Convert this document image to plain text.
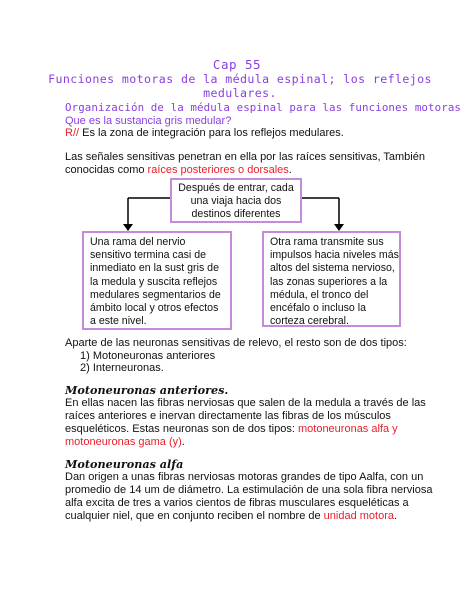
Cap 55
Funciones motoras de la médula espinal; los reflejos medulares.
Organización de la médula espinal para las funciones motoras
Que es la sustancia gris medular?
R// Es la zona de integración para los reflejos medulares.
Las señales sensitivas penetran en ella por las raíces sensitivas, También
conocidas como raíces posteriores o dorsales.
Después de entrar, cada
una viaja hacia dos
destinos diferentes
Una rama del nervio
sensitivo termina casi de
inmediato en la sust gris de
la medula y suscita reflejos
medulares segmentarios de
ámbito local y otros efectos
a este nivel.
Otra rama transmite sus
impulsos hacia niveles más
altos del sistema nervioso,
las zonas superiores a la
médula, el tronco del
encéfalo o incluso la
corteza cerebral.
Aparte de las neuronas sensitivas de relevo, el resto son de dos tipos:
1) Motoneuronas anteriores
2) Interneuronas.
Motoneuronas anteriores.
En ellas nacen las fibras nerviosas que salen de la medula a través de las
raíces anteriores e inervan directamente las fibras de los músculos
esqueléticos. Estas neuronas son de dos tipos: motoneuronas alfa y
motoneuronas gama (y).
Motoneuronas alfa
Dan origen a unas fibras nerviosas motoras grandes de tipo Aalfa, con un
promedio de 14 um de diámetro. La estimulación de una sola fibra nerviosa
alfa excita de tres a varios cientos de fibras musculares esqueléticas a
cualquier niel, que en conjunto reciben el nombre de unidad motora.
